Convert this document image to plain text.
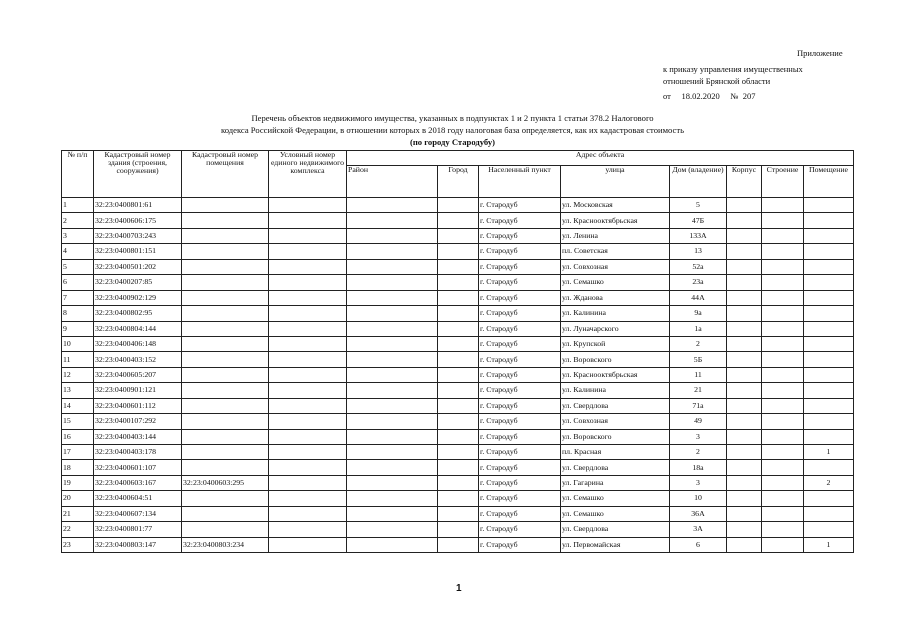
Приложение
к приказу управления имущественных
отношений Брянской области
от     18.02.2020     №  207
Перечень объектов недвижимого имущества, указанных в подпунктах 1 и 2 пункта 1 статьи 378.2 Налогового
кодекса Российской Федерации, в отношении которых в 2018 году налоговая база определяется, как их кадастровая стоимость
(по городу Стародубу)
№ п/п	Кадастровый номер здания (строения, сооружения)	Кадастровый номер помещения	Условный номер единого недвижимого комплекса	Адрес объекта							
				Район	Город	Населенный пункт	улица	Дом (владение)	Корпус	Строение	Помещение
1	32:23:0400801:61					г. Стародуб	ул. Московская	5			
2	32:23:0400606:175					г. Стародуб	ул. Краснооктябрьская	47Б			
3	32:23:0400703:243					г. Стародуб	ул. Ленина	133А			
4	32:23:0400801:151					г. Стародуб	пл. Советская	13			
5	32:23:0400501:202					г. Стародуб	ул. Совхозная	52а			
6	32:23:0400207:85					г. Стародуб	ул. Семашко	23а			
7	32:23:0400902:129					г. Стародуб	ул. Жданова	44А			
8	32:23:0400802:95					г. Стародуб	ул. Калинина	9а			
9	32:23:0400804:144					г. Стародуб	ул. Луначарского	1а			
10	32:23:0400406:148					г. Стародуб	ул. Крупской	2			
11	32:23:0400403:152					г. Стародуб	ул. Воровского	5Б			
12	32:23:0400605:207					г. Стародуб	ул. Краснооктябрьская	11			
13	32:23:0400901:121					г. Стародуб	ул. Калинина	21			
14	32:23:0400601:112					г. Стародуб	ул. Свердлова	71а			
15	32:23:0400107:292					г. Стародуб	ул. Совхозная	49			
16	32:23:0400403:144					г. Стародуб	ул. Воровского	3			
17	32:23:0400403:178					г. Стародуб	пл. Красная	2			1
18	32:23:0400601:107					г. Стародуб	ул. Свердлова	18а			
19	32:23:0400603:167	32:23:0400603:295				г. Стародуб	ул. Гагарина	3			2
20	32:23:0400604:51					г. Стародуб	ул. Семашко	10			
21	32:23:0400607:134					г. Стародуб	ул. Семашко	36А			
22	32:23:0400801:77					г. Стародуб	ул. Свердлова	3А			
23	32:23:0400803:147	32:23:0400803:234				г. Стародуб	ул. Первомайская	6			1
1
